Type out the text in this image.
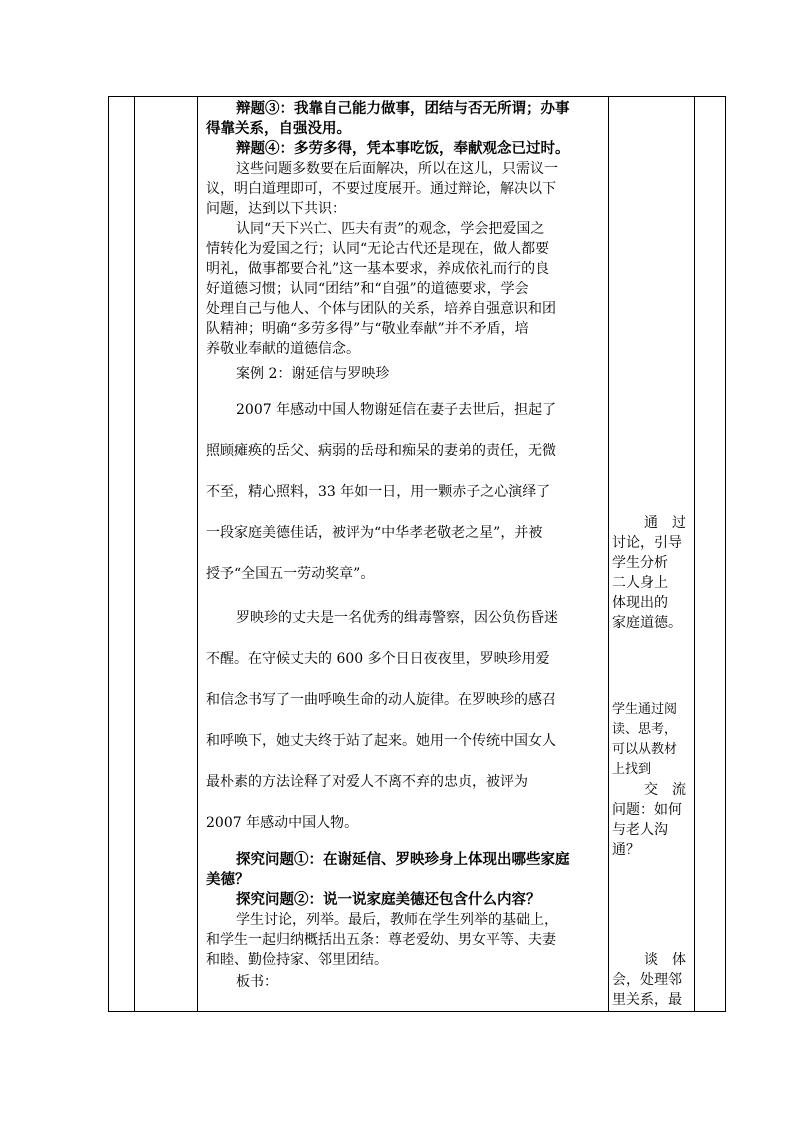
辩题③：我靠自己能力做事，团结与否无所谓；办事
得靠关系，自强没用。
辩题④：多劳多得，凭本事吃饭，奉献观念已过时。
这些问题多数要在后面解决，所以在这儿，只需议一
议，明白道理即可，不要过度展开。通过辩论，解决以下
问题，达到以下共识：
认同“天下兴亡、匹夫有责”的观念，学会把爱国之
情转化为爱国之行；认同“无论古代还是现在，做人都要
明礼，做事都要合礼”这一基本要求，养成依礼而行的良
好道德习惯；认同“团结”和“自强”的道德要求，学会
处理自己与他人、个体与团队的关系，培养自强意识和团
队精神；明确“多劳多得”与“敬业奉献”并不矛盾，培
养敬业奉献的道德信念。
案例 2：谢延信与罗映珍
2007 年感动中国人物谢延信在妻子去世后，担起了
照顾瘫痪的岳父、病弱的岳母和痴呆的妻弟的责任，无微
不至，精心照料，33 年如一日，用一颗赤子之心演绎了
一段家庭美德佳话，被评为“中华孝老敬老之星”，并被
授予“全国五一劳动奖章”。
罗映珍的丈夫是一名优秀的缉毒警察，因公负伤昏迷
不醒。在守候丈夫的 600 多个日日夜夜里，罗映珍用爱
和信念书写了一曲呼唤生命的动人旋律。在罗映珍的感召
和呼唤下，她丈夫终于站了起来。她用一个传统中国女人
最朴素的方法诠释了对爱人不离不弃的忠贞，被评为
2007 年感动中国人物。
探究问题①：在谢延信、罗映珍身上体现出哪些家庭
美德？
探究问题②：说一说家庭美德还包含什么内容？
学生讨论，列举。最后，教师在学生列举的基础上，
和学生一起归纳概括出五条：尊老爱幼、男女平等、夫妻
和睦、勤俭持家、邻里团结。
板书：
通　过
讨论，引导
学生分析
二人身上
体现出的
家庭道德。
学生通过阅
读、思考，
可以从教材
上找到
交　流
问题：如何
与老人沟
通？
谈　体
会，处理邻
里关系，最
